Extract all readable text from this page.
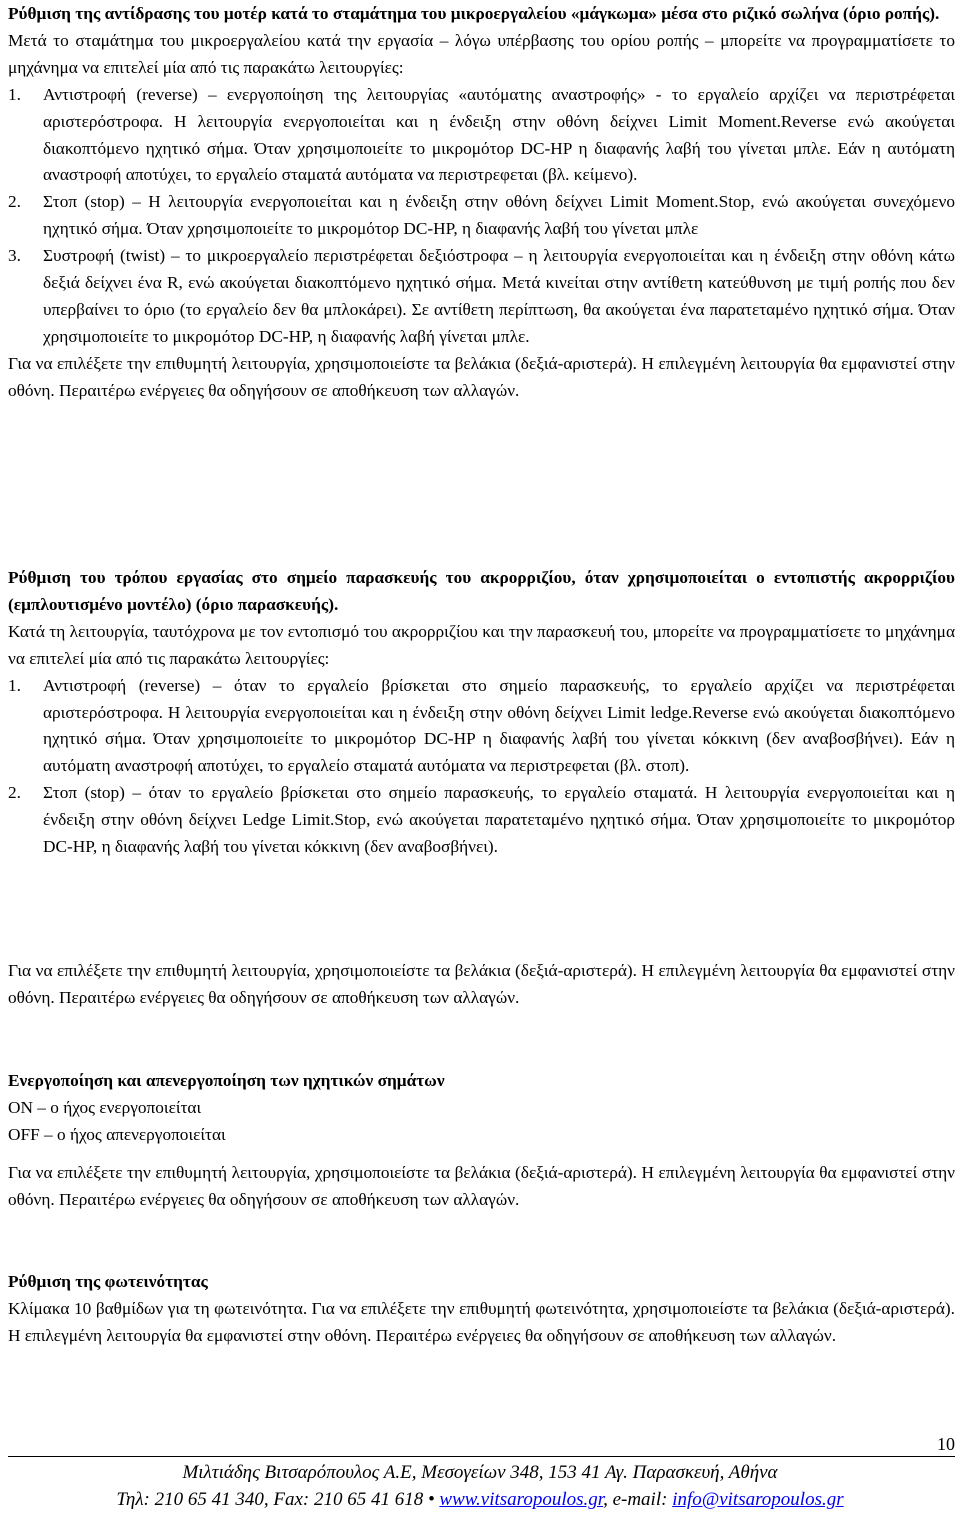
Ρύθμιση της αντίδρασης του μοτέρ κατά το σταμάτημα του μικροεργαλείου «μάγκωμα» μέσα στο ριζικό σωλήνα (όριο ροπής).

Μετά το σταμάτημα του μικροεργαλείου κατά την εργασία – λόγω υπέρβασης του ορίου ροπής – μπορείτε να προγραμματίσετε το μηχάνημα να επιτελεί μία από τις παρακάτω λειτουργίες:

1. Αντιστροφή (reverse) – ενεργοποίηση της λειτουργίας «αυτόματης αναστροφής» - το εργαλείο αρχίζει να περιστρέφεται αριστερόστροφα. Η λειτουργία ενεργοποιείται και η ένδειξη στην οθόνη δείχνει Limit Moment.Reverse ενώ ακούγεται διακοπτόμενο ηχητικό σήμα. Όταν χρησιμοποιείτε το μικρομότορ DC-HP η διαφανής λαβή του γίνεται μπλε. Εάν η αυτόματη αναστροφή αποτύχει, το εργαλείο σταματά αυτόματα να περιστρεφεται (βλ. κείμενο).
2. Στοπ (stop) – Η λειτουργία ενεργοποιείται και η ένδειξη στην οθόνη δείχνει Limit Moment.Stop, ενώ ακούγεται συνεχόμενο ηχητικό σήμα. Όταν χρησιμοποιείτε το μικρομότορ DC-HP, η διαφανής λαβή του γίνεται μπλε
3. Συστροφή (twist) – το μικροεργαλείο περιστρέφεται δεξιόστροφα – η λειτουργία ενεργοποιείται και η ένδειξη στην οθόνη κάτω δεξιά δείχνει ένα R, ενώ ακούγεται διακοπτόμενο ηχητικό σήμα. Μετά κινείται στην αντίθετη κατεύθυνση με τιμή ροπής που δεν υπερβαίνει το όριο (το εργαλείο δεν θα μπλοκάρει). Σε αντίθετη περίπτωση, θα ακούγεται ένα παρατεταμένο ηχητικό σήμα. Όταν χρησιμοποιείτε το μικρομότορ DC-HP, η διαφανής λαβή γίνεται μπλε.

Για να επιλέξετε την επιθυμητή λειτουργία, χρησιμοποιείστε τα βελάκια (δεξιά-αριστερά). Η επιλεγμένη λειτουργία θα εμφανιστεί στην οθόνη. Περαιτέρω ενέργειες θα οδηγήσουν σε αποθήκευση των αλλαγών.

Ρύθμιση του τρόπου εργασίας στο σημείο παρασκευής του ακρορριζίου, όταν χρησιμοποιείται ο εντοπιστής ακρορριζίου (εμπλουτισμένο μοντέλο) (όριο παρασκευής).

Κατά τη λειτουργία, ταυτόχρονα με τον εντοπισμό του ακρορριζίου και την παρασκευή του, μπορείτε να προγραμματίσετε το μηχάνημα να επιτελεί μία από τις παρακάτω λειτουργίες:

1. Αντιστροφή (reverse) – όταν το εργαλείο βρίσκεται στο σημείο παρασκευής, το εργαλείο αρχίζει να περιστρέφεται αριστερόστροφα. Η λειτουργία ενεργοποιείται και η ένδειξη στην οθόνη δείχνει Limit ledge.Reverse ενώ ακούγεται διακοπτόμενο ηχητικό σήμα. Όταν χρησιμοποιείτε το μικρομότορ DC-HP η διαφανής λαβή του γίνεται κόκκινη (δεν αναβοσβήνει). Εάν η αυτόματη αναστροφή αποτύχει, το εργαλείο σταματά αυτόματα να περιστρεφεται (βλ. στοπ).
2. Στοπ (stop) – όταν το εργαλείο βρίσκεται στο σημείο παρασκευής, το εργαλείο σταματά. Η λειτουργία ενεργοποιείται και η ένδειξη στην οθόνη δείχνει Ledge Limit.Stop, ενώ ακούγεται παρατεταμένο ηχητικό σήμα. Όταν χρησιμοποιείτε το μικρομότορ DC-HP, η διαφανής λαβή του γίνεται κόκκινη (δεν αναβοσβήνει).

Για να επιλέξετε την επιθυμητή λειτουργία, χρησιμοποιείστε τα βελάκια (δεξιά-αριστερά). Η επιλεγμένη λειτουργία θα εμφανιστεί στην οθόνη. Περαιτέρω ενέργειες θα οδηγήσουν σε αποθήκευση των αλλαγών.

Ενεργοποίηση και απενεργοποίηση των ηχητικών σημάτων

ON – ο ήχος ενεργοποιείται

OFF – ο ήχος απενεργοποιείται

Για να επιλέξετε την επιθυμητή λειτουργία, χρησιμοποιείστε τα βελάκια (δεξιά-αριστερά). Η επιλεγμένη λειτουργία θα εμφανιστεί στην οθόνη. Περαιτέρω ενέργειες θα οδηγήσουν σε αποθήκευση των αλλαγών.

Ρύθμιση της φωτεινότητας

Κλίμακα 10 βαθμίδων για τη φωτεινότητα. Για να επιλέξετε την επιθυμητή φωτεινότητα, χρησιμοποιείστε τα βελάκια (δεξιά-αριστερά). Η επιλεγμένη λειτουργία θα εμφανιστεί στην οθόνη. Περαιτέρω ενέργειες θα οδηγήσουν σε αποθήκευση των αλλαγών.

10
Μιλτιάδης Βιτσαρόπουλος Α.Ε, Μεσογείων 348, 153 41 Αγ. Παρασκευή, Αθήνα
Τηλ: 210 65 41 340, Fax: 210 65 41 618 • www.vitsaropoulos.gr, e-mail: info@vitsaropoulos.gr
